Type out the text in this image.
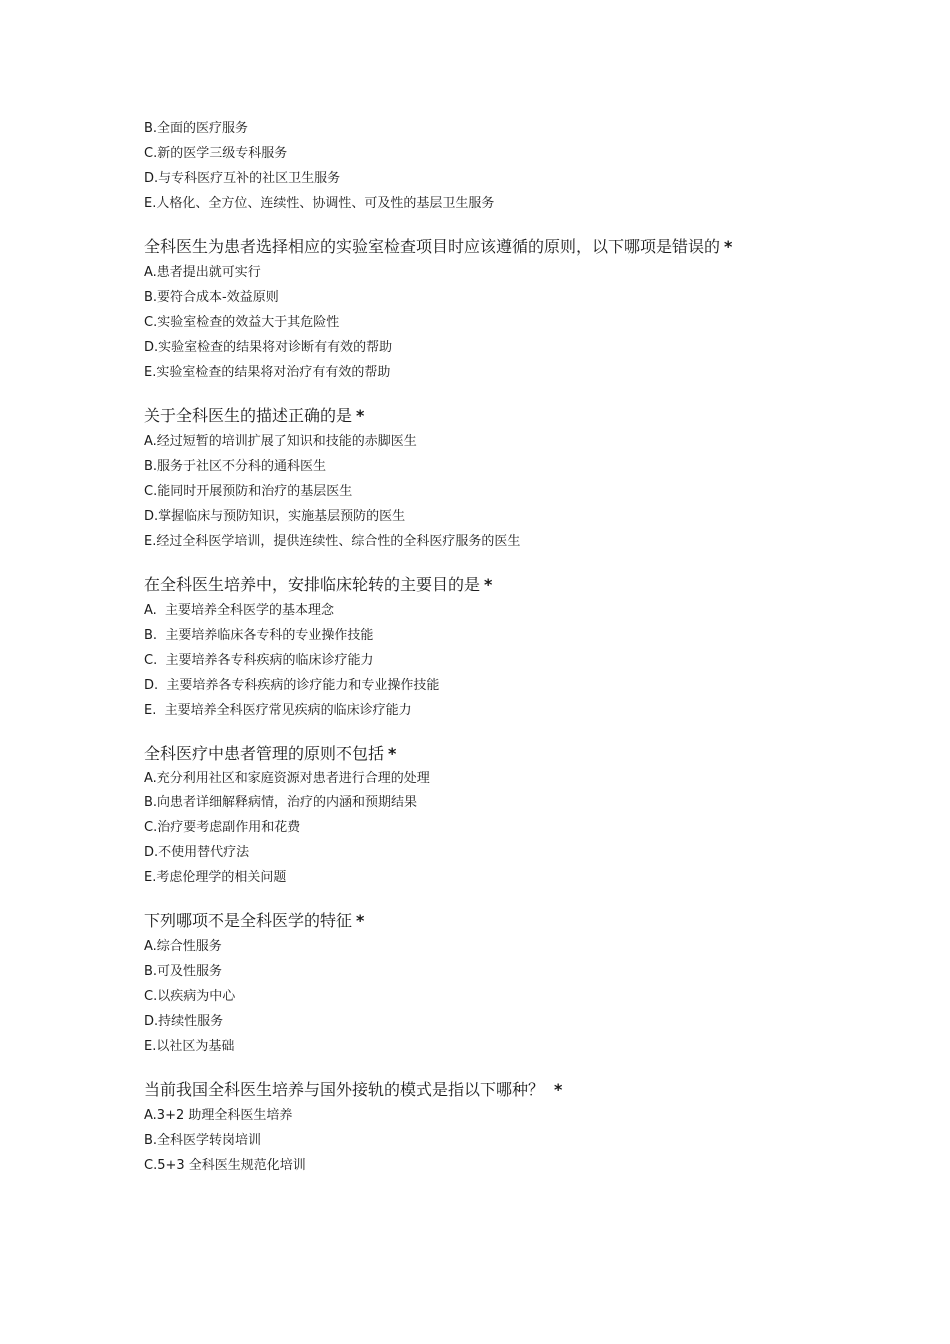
B.全面的医疗服务
C.新的医学三级专科服务
D.与专科医疗互补的社区卫生服务
E.人格化、全方位、连续性、协调性、可及性的基层卫生服务
全科医生为患者选择相应的实验室检查项目时应该遵循的原则，以下哪项是错误的 *
A.患者提出就可实行
B.要符合成本-效益原则
C.实验室检查的效益大于其危险性
D.实验室检查的结果将对诊断有有效的帮助
E.实验室检查的结果将对治疗有有效的帮助
关于全科医生的描述正确的是 *
A.经过短暂的培训扩展了知识和技能的赤脚医生
B.服务于社区不分科的通科医生
C.能同时开展预防和治疗的基层医生
D.掌握临床与预防知识，实施基层预防的医生
E.经过全科医学培训，提供连续性、综合性的全科医疗服务的医生
在全科医生培养中，安排临床轮转的主要目的是 *
A.  主要培养全科医学的基本理念
B.  主要培养临床各专科的专业操作技能
C.  主要培养各专科疾病的临床诊疗能力
D.  主要培养各专科疾病的诊疗能力和专业操作技能
E.  主要培养全科医疗常见疾病的临床诊疗能力
全科医疗中患者管理的原则不包括 *
A.充分利用社区和家庭资源对患者进行合理的处理
B.向患者详细解释病情，治疗的内涵和预期结果
C.治疗要考虑副作用和花费
D.不使用替代疗法
E.考虑伦理学的相关问题
下列哪项不是全科医学的特征 *
A.综合性服务
B.可及性服务
C.以疾病为中心
D.持续性服务
E.以社区为基础
当前我国全科医生培养与国外接轨的模式是指以下哪种？ *
A.3+2 助理全科医生培养
B.全科医学转岗培训
C.5+3 全科医生规范化培训
